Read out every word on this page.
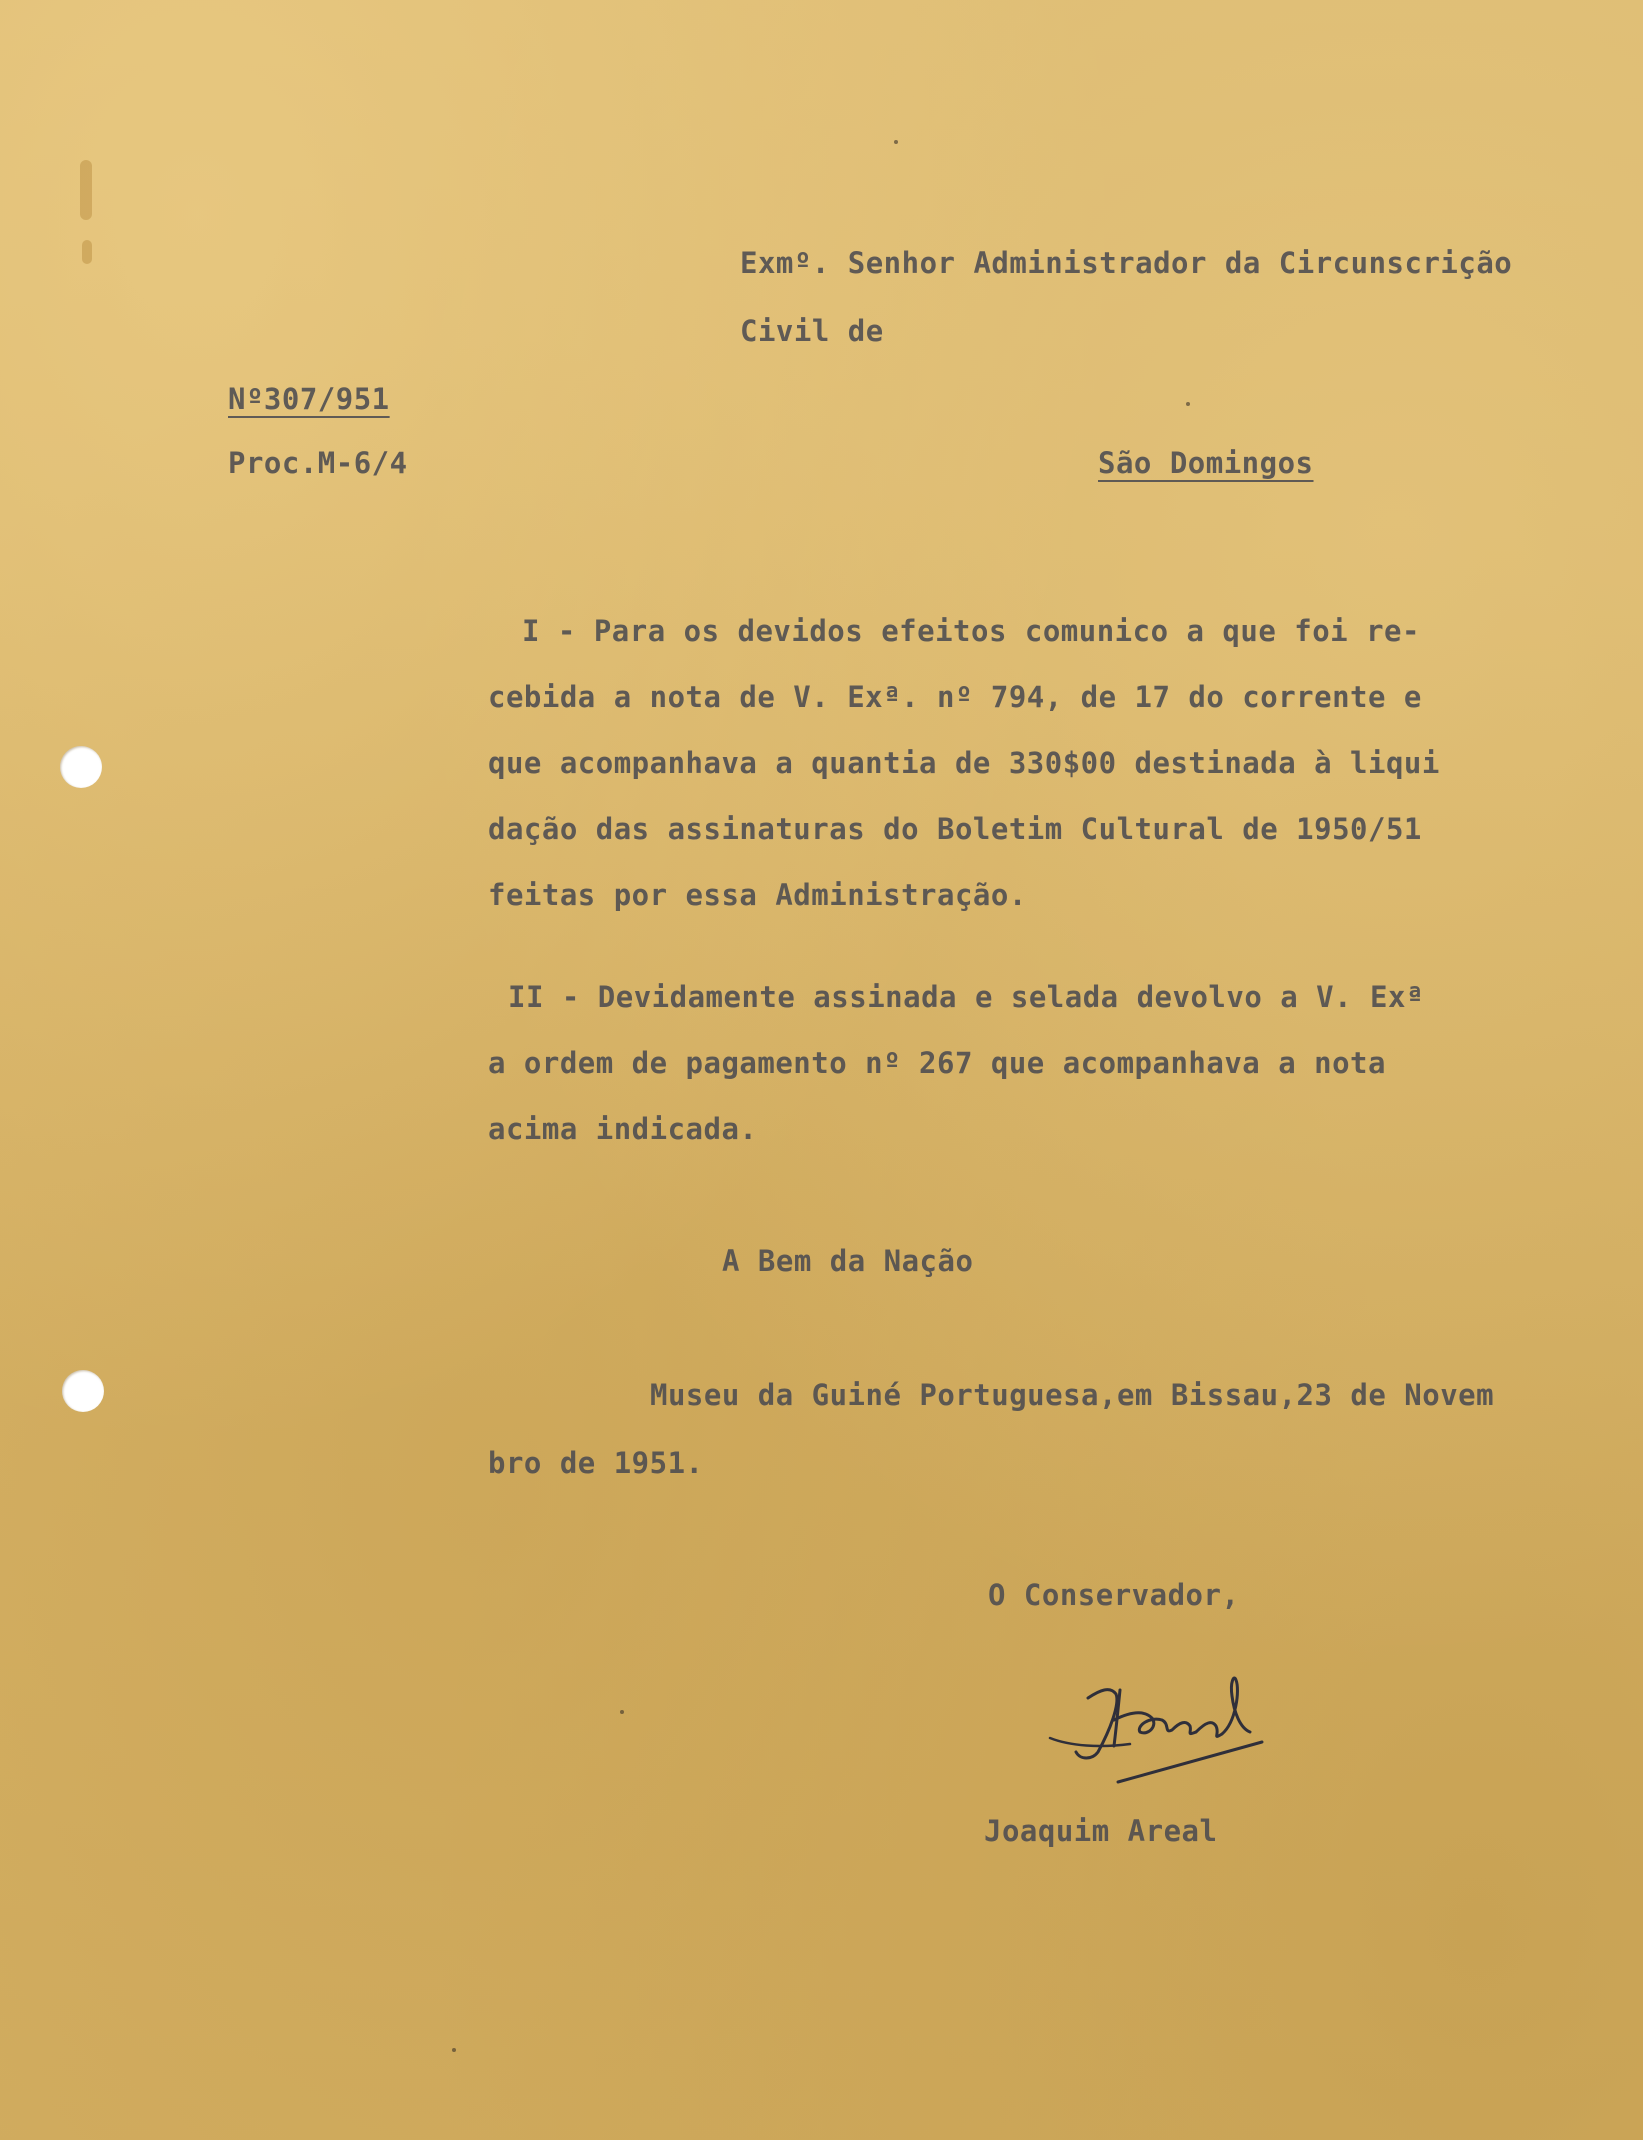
Exmº. Senhor Administrador da Circunscrição
Civil de
Nº307/951
Proc.M-6/4	São Domingos
I - Para os devidos efeitos comunico a que foi re-
cebida a nota de V. Exª. nº 794, de 17 do corrente e
que acompanhava a quantia de 330$00 destinada à liqui
dação das assinaturas do Boletim Cultural de 1950/51
feitas por essa Administração.
II - Devidamente assinada e selada devolvo a V. Exª
a ordem de pagamento nº 267 que acompanhava a nota
acima indicada.
A Bem da Nação
Museu da Guiné Portuguesa,em Bissau,23 de Novem
bro de 1951.
O Conservador,
Joaquim Areal
